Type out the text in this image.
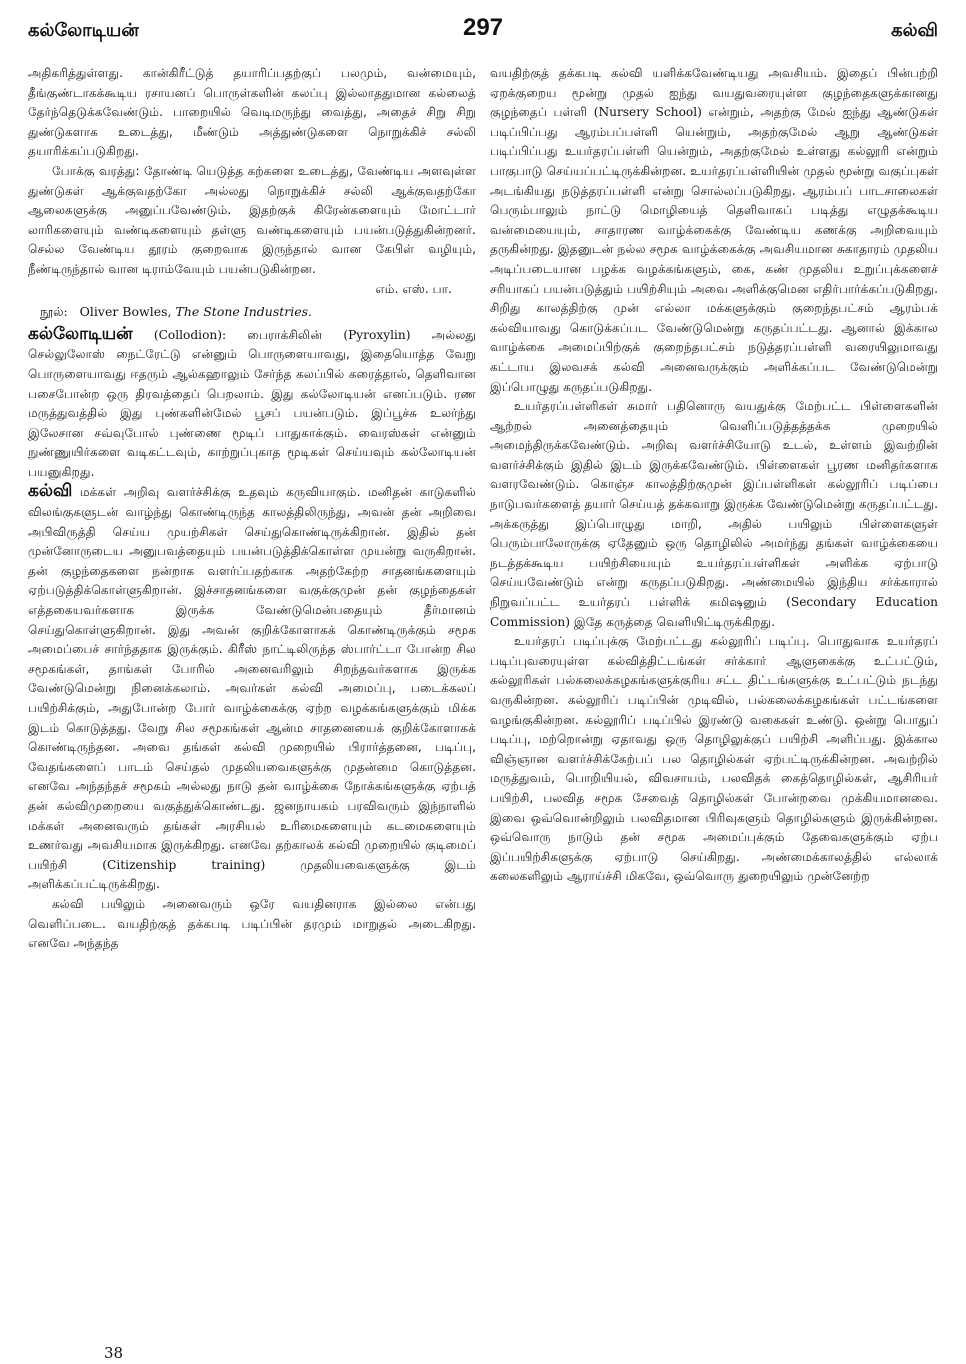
கல்லோடியன்	297	கல்வி

அதிகரித்துள்ளது. கான்கிரீட்டுத் தயாரிப்பதற்குப் பலமும், வன்மையும், தீங்குண்டாகக்கூடிய ரசாயனப் பொருள்களின் கலப்பு இல்லாததுமான கல்லைத் தேர்ந்தெடுக்கவேண்டும். பாறையில் வெடிமருந்து வைத்து, அதைச் சிறு சிறு துண்டுகளாக உடைத்து, மீண்டும் அத்துண்டுகளை நொறுக்கிச் சல்லி தயாரிக்கப்படுகிறது.

போக்கு வரத்து: தோண்டி யெடுத்த கற்களை உடைத்து, வேண்டிய அளவுள்ள துண்டுகள் ஆக்குவதற்கோ அல்லது நொறுக்கிச் சல்லி ஆக்குவதற்கோ ஆலைகளுக்கு அனுப்பவேண்டும். இதற்குக் கிரேன்களையும் மோட்டார் லாரிகளையும் வண்டிகளையும் தள்ளு வண்டிகளையும் பயன்படுத்துகின்றனர். செல்ல வேண்டிய தூரம் குறைவாக இருந்தால் வான கேபிள் வழியும், நீண்டிருந்தால் வான டிராம்வேயும் பயன்படுகின்றன.

எம். எஸ். பா.

நூல்: Oliver Bowles, The Stone Industries.

கல்லோடியன் (Collodion): பைராக்சிலின் (Pyroxylin) அல்லது செல்லுலோஸ் நைட்ரேட்டு என்னும் பொருளையாவது, இதையொத்த வேறு பொருளையாவது ஈதரும் ஆல்கஹாலும் சேர்ந்த கலப்பில் கரைத்தால், தெளிவான பசைபோன்ற ஒரு திரவத்தைப் பெறலாம். இது கல்லோடியன் எனப்படும். ரண மருத்துவத்தில் இது புண்களின்மேல் பூசப் பயன்படும். இப்பூச்சு உலர்ந்து இலேசான சவ்வுபோல் புண்ணை மூடிப் பாதுகாக்கும். வைரஸ்கள் என்னும் நுண்ணுயிர்களை வடிகட்டவும், காற்றுப்புகாத மூடிகள் செய்யவும் கல்லோடியன் பயனுகிறது.

கல்வி மக்கள் அறிவு வளர்ச்சிக்கு உதவும் கருவியாகும். மனிதன் காடுகளில் விலங்குகளுடன் வாழ்ந்து கொண்டிருந்த காலத்திலிருந்து, அவன் தன் அறிவை அபிவிருத்தி செய்ய முயற்சிகள் செய்துகொண்டிருக்கிறான். இதில் தன் முன்னோருடைய அனுபவத்தையும் பயன்படுத்திக்கொள்ள முயன்று வருகிறான். தன் குழந்தைகளை நன்றாக வளர்ப்பதற்காக அதற்கேற்ற சாதனங்களையும் ஏற்படுத்திக்கொள்ளுகிறான். இச்சாதனங்களை வகுக்குமுன் தன் குழந்தைகள் எத்தகையவர்களாக இருக்க வேண்டுமென்பதையும் தீர்மானம் செய்துகொள்ளுகிறான். இது அவன் குறிக்கோளாகக் கொண்டிருக்கும் சமூக அமைப்பைச் சார்ந்ததாக இருக்கும். கிரீஸ் நாட்டிலிருந்த ஸ்பார்ட்டா போன்ற சில சமூகங்கள், தாங்கள் போரில் அனைவரிலும் சிறந்தவர்களாக இருக்க வேண்டுமென்று நினைக்கலாம். அவர்கள் கல்வி அமைப்பு, படைக்கலப் பயிற்சிக்கும், அதுபோன்ற போர் வாழ்க்கைக்கு ஏற்ற வழக்கங்களுக்கும் மிக்க இடம் கொடுத்தது. வேறு சில சமூகங்கள் ஆன்ம சாதனையைக் குறிக்கோளாகக் கொண்டிருந்தன. அவை தங்கள் கல்வி முறையில் பிரார்த்தனை, படிப்பு, வேதங்களைப் பாடம் செய்தல் முதலியவைகளுக்கு முதன்மை கொடுத்தன. எனவே அந்தந்தச் சமூகம் அல்லது நாடு தன் வாழ்க்கை நோக்கங்களுக்கு ஏற்பத் தன் கல்விமுறையை வகுத்துக்கொண்டது. ஜனநாயகம் பரவிவரும் இந்நாளில் மக்கள் அனைவரும் தங்கள் அரசியல் உரிமைகளையும் கடமைகளையும் உணர்வது அவசியமாக இருக்கிறது. எனவே தற்காலக் கல்வி முறையில் குடிமைப் பயிற்சி	(Citizenship training)	முதலியவைகளுக்கு இடம் அளிக்கப்பட்டிருக்கிறது.

கல்வி பயிலும் அனைவரும் ஒரே வயதினராக இல்லை என்பது வெளிப்படை. வயதிற்குத் தக்கபடி படிப்பின் தரமும் மாறுதல் அடைகிறது. எனவே அந்தந்த

வயதிற்குத் தக்கபடி கல்வி யளிக்கவேண்டியது அவசியம். இதைப் பின்பற்றி ஏறக்குறைய மூன்று முதல் ஐந்து வயதுவரையுள்ள குழந்தைகளுக்கானது குழந்தைப் பள்ளி (Nursery School) என்றும், அதற்கு மேல் ஐந்து ஆண்டுகள் படிப்பிப்பது ஆரம்பப்பள்ளி யென்றும், அதற்குமேல் ஆறு ஆண்டுகள் படிப்பிப்பது உயர்தரப்பள்ளி யென்றும், அதற்குமேல் உள்ளது கல்லூரி என்றும் பாகுபாடு செய்யப்பட்டிருக்கின்றன. உயர்தரப்பள்ளியின் முதல் மூன்று வகுப்புகள் அடங்கியது நடுத்தரப்பள்ளி என்று சொல்லப்படுகிறது. ஆரம்பப் பாடசாலைகள் பெரும்பாலும் நாட்டு மொழியைத் தெளிவாகப் படித்து எழுதக்கூடிய வன்மையையும், சாதாரண வாழ்க்கைக்கு வேண்டிய கணக்கு அறிவையும் தருகின்றது. இதனுடன் நல்ல சமூக வாழ்க்கைக்கு அவசியமான சுகாதாரம் முதலிய அடிப்படையான பழக்க வழக்கங்களும், கை, கண் முதலிய உறுப்புக்களைச் சரியாகப் பயன்படுத்தும் பயிற்சியும் அவை அளிக்குமென எதிர்பார்க்கப்படுகிறது. சிறிது காலத்திற்கு முன் எல்லா மக்களுக்கும் குறைந்தபட்சம் ஆரம்பக் கல்வியாவது கொடுக்கப்பட வேண்டுமென்று கருதப்பட்டது. ஆனால் இக்கால வாழ்க்கை அமைப்பிற்குக் குறைந்தபட்சம் நடுத்தரப்பள்ளி வரையிலுமாவது கட்டாய இலவசக் கல்வி அனைவருக்கும் அளிக்கப்பட வேண்டுமென்று இப்பொழுது கருதப்படுகிறது.

உயர்தரப்பள்ளிகள் சுமார் பதினொரு வயதுக்கு மேற்பட்ட பிள்ளைகளின் ஆற்றல் அனைத்தையும் வெளிப்படுத்தத்தக்க முறையில் அமைந்திருக்கவேண்டும். அறிவு வளர்ச்சியோடு உடல், உள்ளம் இவற்றின் வளர்ச்சிக்கும் இதில் இடம் இருக்கவேண்டும். பிள்ளைகள் பூரண மனிதர்களாக வளரவேண்டும். கொஞ்ச காலத்திற்குமுன் இப்பள்ளிகள் கல்லூரிப் படிப்பை நாடுபவர்களைத் தயார் செய்யத் தக்கவாறு இருக்க வேண்டுமென்று கருதப்பட்டது. அக்கருத்து இப்பொழுது மாறி, அதில் பயிலும் பிள்ளைகளுள் பெரும்பாலோருக்கு ஏதேனும் ஒரு தொழிலில் அமர்ந்து தங்கள் வாழ்க்கையை நடத்தக்கூடிய பயிற்சியையும் உயர்தரப்பள்ளிகள் அளிக்க ஏற்பாடு செய்யவேண்டும் என்று கருதப்படுகிறது. அண்மையில் இந்திய சர்க்காரால் நிறுவப்பட்ட உயர்தரப் பள்ளிக் கமிஷனும் (Secondary Education Commission) இதே கருத்தை வெளியிட்டிருக்கிறது.

உயர்தரப் படிப்புக்கு மேற்பட்டது கல்லூரிப் படிப்பு. பொதுவாக உயர்தரப் படிப்புவரையுள்ள கல்வித்திட்டங்கள் சர்க்காா் ஆளுகைக்கு உட்பட்டும், கல்லூரிகள் பல்கலைக்கழகங்களுக்குரிய சட்ட திட்டங்களுக்கு உட்பட்டும் நடந்து வருகின்றன. கல்லூரிப் படிப்பின் முடிவில், பல்கலைக்கழகங்கள் பட்டங்களை வழங்குகின்றன. கல்லூரிப் படிப்பில் இரண்டு வகைகள் உண்டு. ஒன்று பொதுப் படிப்பு, மற்றொன்று ஏதாவது ஒரு தொழிலுக்குப் பயிற்சி அளிப்பது. இக்கால விஞ்ஞான வளர்ச்சிக்கேற்பப் பல தொழில்கள் ஏற்பட்டிருக்கின்றன. அவற்றில் மருத்துவம், பொறியியல், விவசாயம், பலவிதக் கைத்தொழில்கள், ஆசிரியர் பயிற்சி, பலவித சமூக சேவைத் தொழில்கள் போன்றவை முக்கியமானவை. இவை ஒவ்வொன்றிலும் பலவிதமான பிரிவுகளும் தொழில்களும் இருக்கின்றன. ஒவ்வொரு நாடும் தன் சமூக அமைப்புக்கும் தேவைகளுக்கும் ஏற்ப இப்பயிற்சிகளுக்கு ஏற்பாடு செய்கிறது. அண்மைக்காலத்தில் எல்லாக் கலைகளிலும் ஆராய்ச்சி மிகவே, ஒவ்வொரு துறையிலும் முன்னேற்ற

38
